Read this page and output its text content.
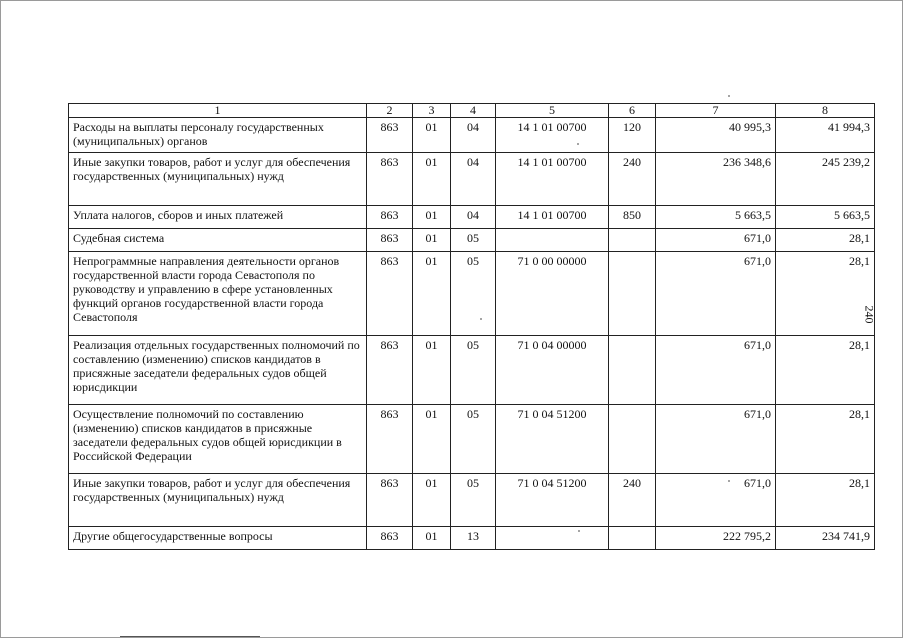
1	2	3	4	5	6	7	8
Расходы на выплаты персоналу государственных (муниципальных) органов	863	01	04	14 1 01 00700	120	40 995,3	41 994,3
Иные закупки товаров, работ и услуг для обеспечения государственных (муниципальных) нужд	863	01	04	14 1 01 00700	240	236 348,6	245 239,2
Уплата налогов, сборов и иных платежей	863	01	04	14 1 01 00700	850	5 663,5	5 663,5
Судебная система	863	01	05			671,0	28,1
Непрограммные направления деятельности органов государственной власти города Севастополя по руководству и управлению в сфере установленных функций органов государственной власти города Севастополя	863	01	05	71 0 00 00000		671,0	28,1
Реализация отдельных государственных полномочий по составлению (изменению) списков кандидатов в присяжные заседатели федеральных судов общей юрисдикции	863	01	05	71 0 04 00000		671,0	28,1
Осуществление полномочий по составлению (изменению) списков кандидатов в присяжные заседатели федеральных судов общей юрисдикции в Российской Федерации	863	01	05	71 0 04 51200		671,0	28,1
Иные закупки товаров, работ и услуг для обеспечения государственных (муниципальных) нужд	863	01	05	71 0 04 51200	240	671,0	28,1
Другие общегосударственные вопросы	863	01	13			222 795,2	234 741,9
240
